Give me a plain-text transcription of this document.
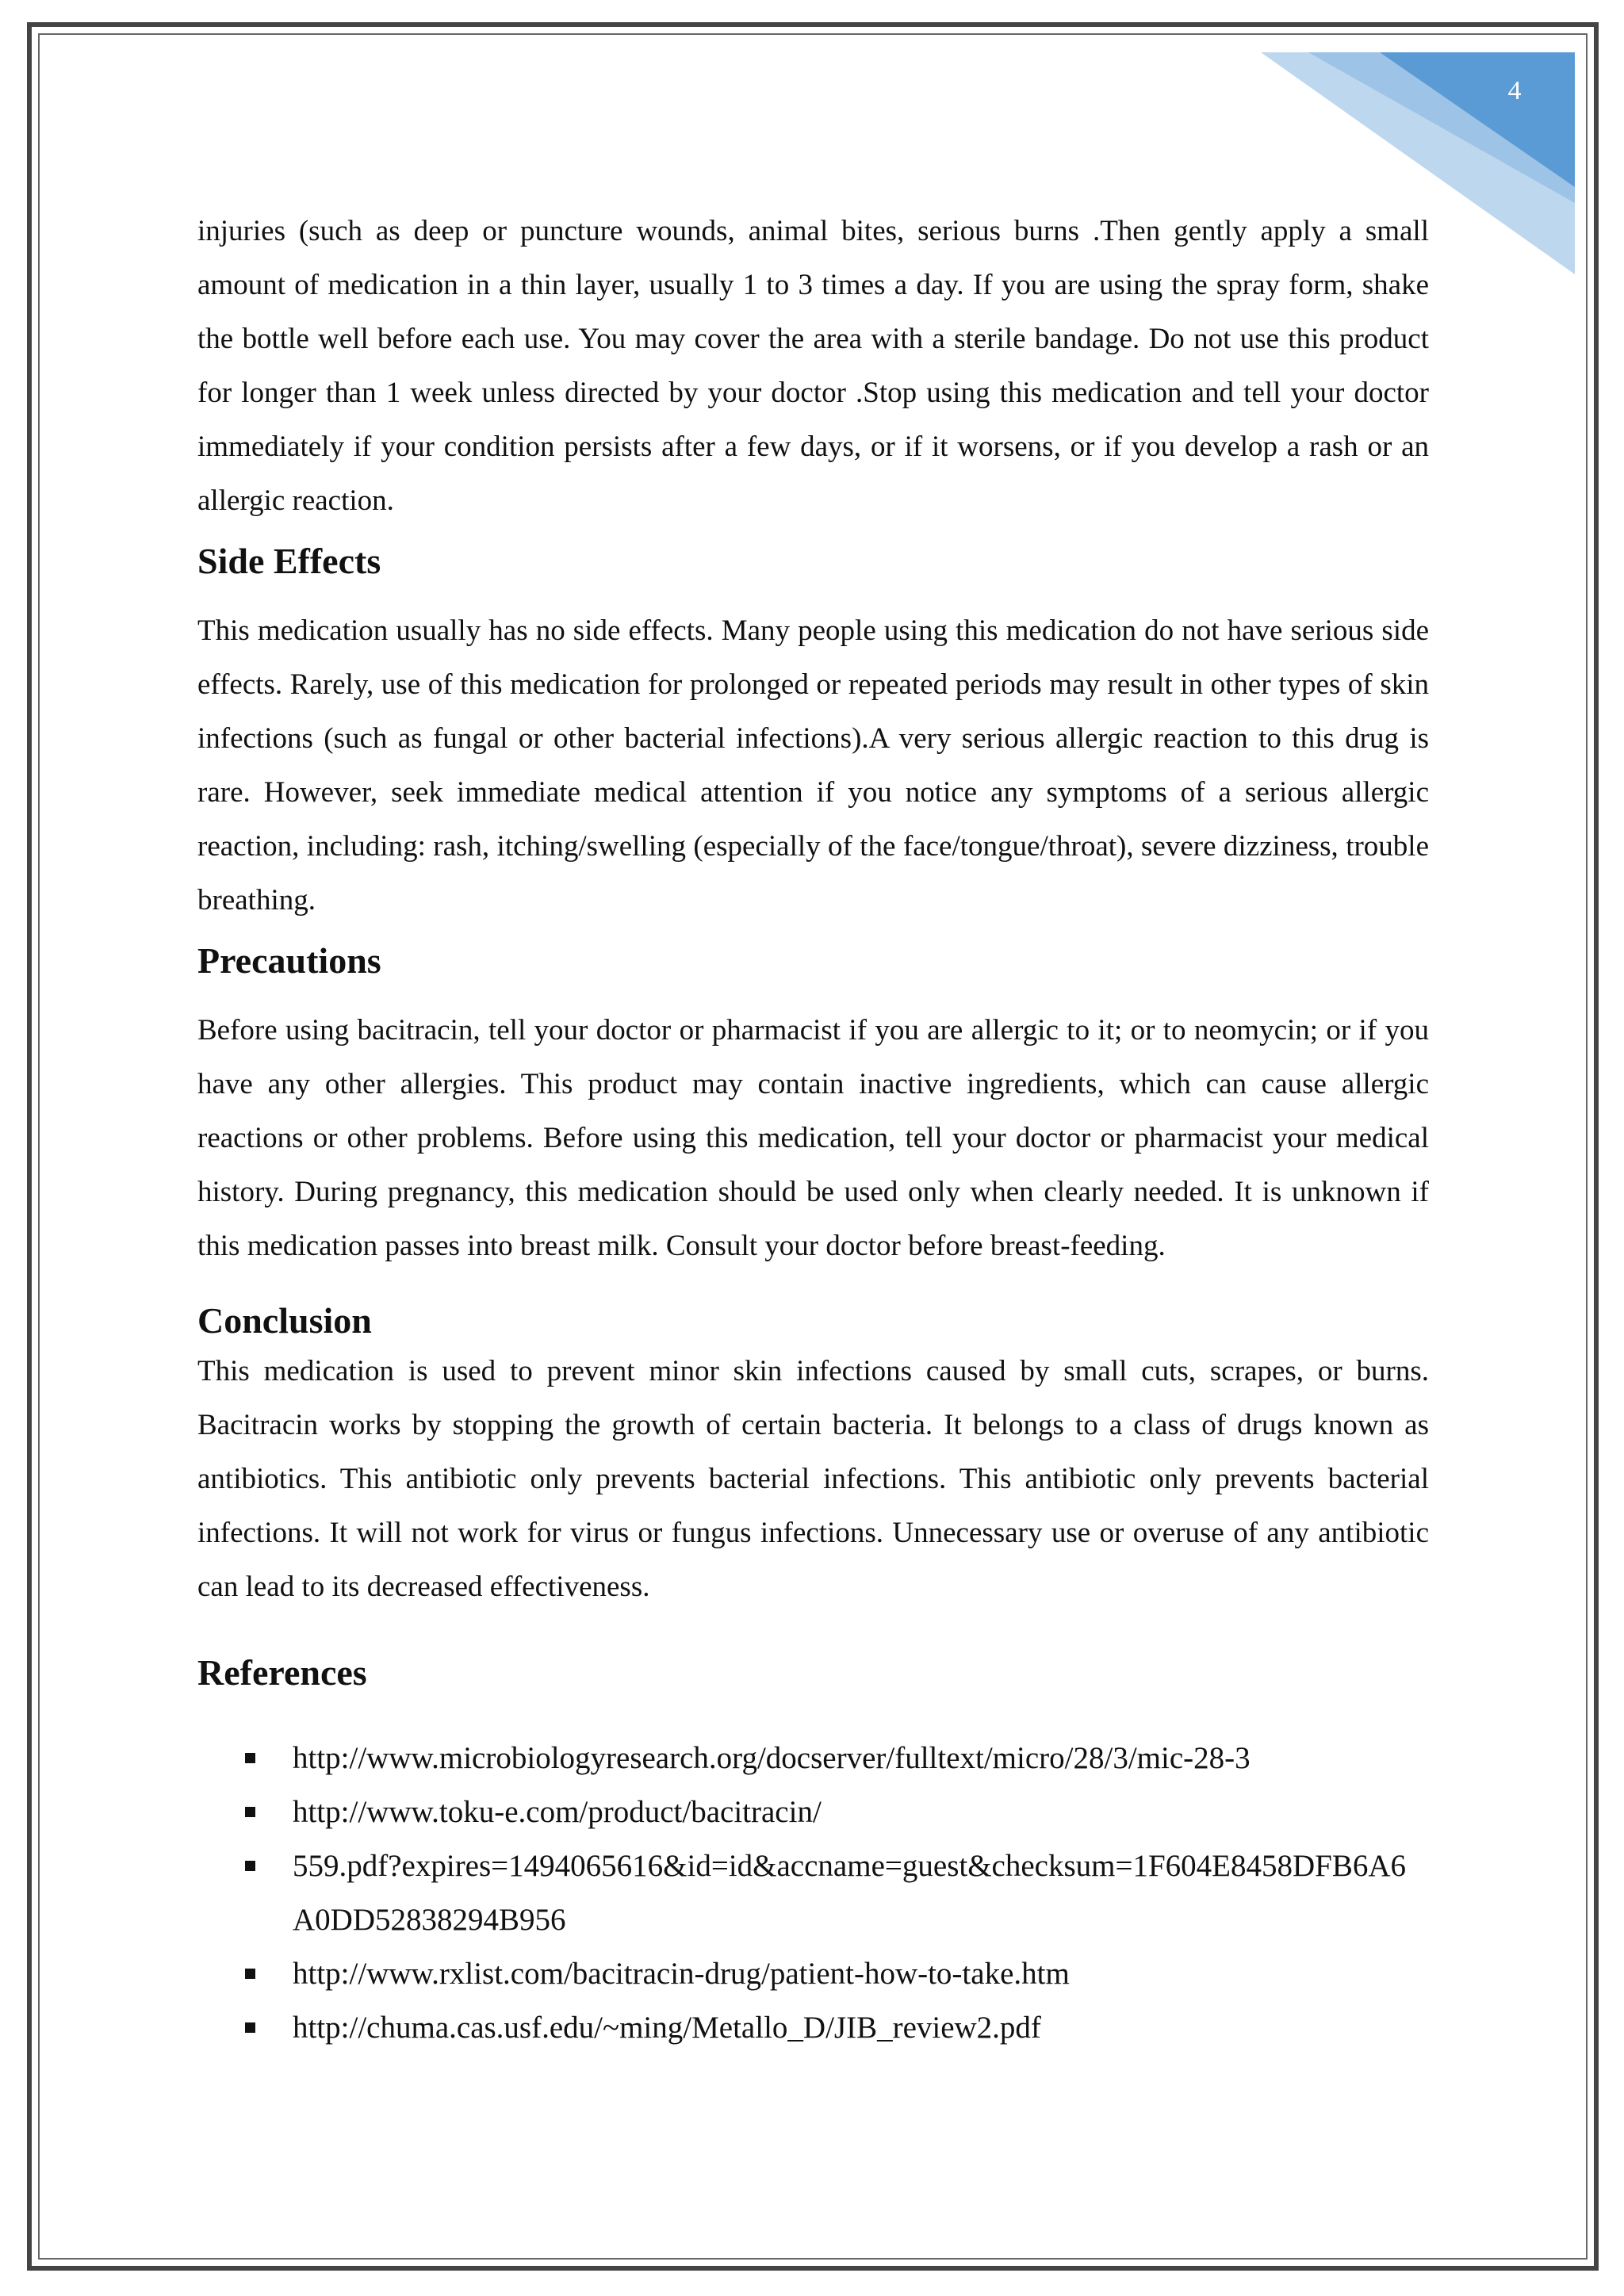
4

injuries (such as deep or puncture wounds, animal bites, serious burns .Then gently apply a small amount of medication in a thin layer, usually 1 to 3 times a day. If you are using the spray form, shake the bottle well before each use. You may cover the area with a sterile bandage. Do not use this product for longer than 1 week unless directed by your doctor .Stop using this medication and tell your doctor immediately if your condition persists after a few days, or if it worsens, or if you develop a rash or an allergic reaction.

Side Effects

This medication usually has no side effects. Many people using this medication do not have serious side effects. Rarely, use of this medication for prolonged or repeated periods may result in other types of skin infections (such as fungal or other bacterial infections).A very serious allergic reaction to this drug is rare. However, seek immediate medical attention if you notice any symptoms of a serious allergic reaction, including: rash, itching/swelling (especially of the face/tongue/throat), severe dizziness, trouble breathing.

Precautions

Before using bacitracin, tell your doctor or pharmacist if you are allergic to it; or to neomycin; or if you have any other allergies. This product may contain inactive ingredients, which can cause allergic reactions or other problems. Before using this medication, tell your doctor or pharmacist your medical history. During pregnancy, this medication should be used only when clearly needed. It is unknown if this medication passes into breast milk. Consult your doctor before breast-feeding.

Conclusion

This medication is used to prevent minor skin infections caused by small cuts, scrapes, or burns. Bacitracin works by stopping the growth of certain bacteria. It belongs to a class of drugs known as antibiotics. This antibiotic only prevents bacterial infections. This antibiotic only prevents bacterial infections. It will not work for virus or fungus infections. Unnecessary use or overuse of any antibiotic can lead to its decreased effectiveness.

References
http://www.microbiologyresearch.org/docserver/fulltext/micro/28/3/mic-28-3
http://www.toku-e.com/product/bacitracin/
559.pdf?expires=1494065616&id=id&accname=guest&checksum=1F604E8458DFB6A6A0DD52838294B956
http://www.rxlist.com/bacitracin-drug/patient-how-to-take.htm
http://chuma.cas.usf.edu/~ming/Metallo_D/JIB_review2.pdf
